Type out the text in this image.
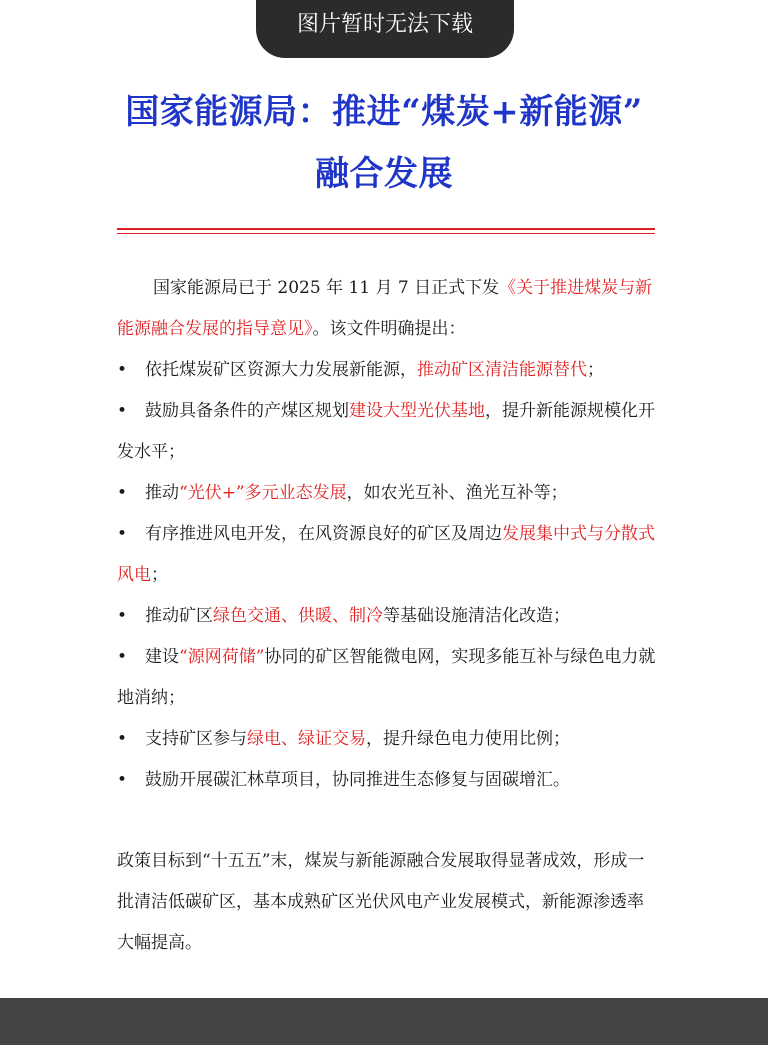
图片暂时无法下载
国家能源局：推进“煤炭+新能源”
融合发展

国家能源局已于 2025 年 11 月 7 日正式下发《关于推进煤炭与新能源融合发展的指导意见》。该文件明确提出：

• 依托煤炭矿区资源大力发展新能源，推动矿区清洁能源替代；

• 鼓励具备条件的产煤区规划建设大型光伏基地，提升新能源规模化开发水平；

• 推动“光伏+”多元业态发展，如农光互补、渔光互补等；

• 有序推进风电开发，在风资源良好的矿区及周边发展集中式与分散式风电；

• 推动矿区绿色交通、供暖、制冷等基础设施清洁化改造；

• 建设“源网荷储”协同的矿区智能微电网，实现多能互补与绿色电力就地消纳；

• 支持矿区参与绿电、绿证交易，提升绿色电力使用比例；

• 鼓励开展碳汇林草项目，协同推进生态修复与固碳增汇。

政策目标到“十五五”末，煤炭与新能源融合发展取得显著成效，形成一批清洁低碳矿区，基本成熟矿区光伏风电产业发展模式，新能源渗透率大幅提高。
